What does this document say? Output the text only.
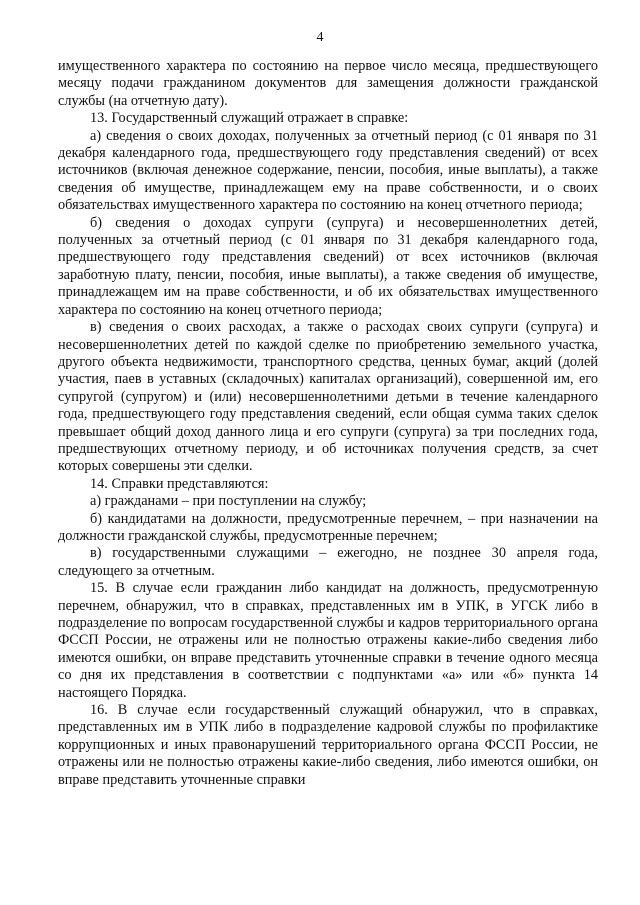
4

имущественного характера по состоянию на первое число месяца, предшествующего месяцу подачи гражданином документов для замещения должности гражданской службы (на отчетную дату).

13. Государственный служащий отражает в справке:

а) сведения о своих доходах, полученных за отчетный период (с 01 января по 31 декабря календарного года, предшествующего году представления сведений) от всех источников (включая денежное содержание, пенсии, пособия, иные выплаты), а также сведения об имуществе, принадлежащем ему на праве собственности, и о своих обязательствах имущественного характера по состоянию на конец отчетного периода;

б) сведения о доходах супруги (супруга) и несовершеннолетних детей, полученных за отчетный период (с 01 января по 31 декабря календарного года, предшествующего году представления сведений) от всех источников (включая заработную плату, пенсии, пособия, иные выплаты), а также сведения об имуществе, принадлежащем им на праве собственности, и об их обязательствах имущественного характера по состоянию на конец отчетного периода;

в) сведения о своих расходах, а также о расходах своих супруги (супруга) и несовершеннолетних детей по каждой сделке по приобретению земельного участка, другого объекта недвижимости, транспортного средства, ценных бумаг, акций (долей участия, паев в уставных (складочных) капиталах организаций), совершенной им, его супругой (супругом) и (или) несовершеннолетними детьми в течение календарного года, предшествующего году представления сведений, если общая сумма таких сделок превышает общий доход данного лица и его супруги (супруга) за три последних года, предшествующих отчетному периоду, и об источниках получения средств, за счет которых совершены эти сделки.

14. Справки представляются:

а) гражданами – при поступлении на службу;

б) кандидатами на должности, предусмотренные перечнем, – при назначении на должности гражданской службы, предусмотренные перечнем;

в) государственными служащими – ежегодно, не позднее 30 апреля года, следующего за отчетным.

15. В случае если гражданин либо кандидат на должность, предусмотренную перечнем, обнаружил, что в справках, представленных им в УПК, в УГСК либо в подразделение по вопросам государственной службы и кадров территориального органа ФССП России, не отражены или не полностью отражены какие-либо сведения либо имеются ошибки, он вправе представить уточненные справки в течение одного месяца со дня их представления в соответствии с подпунктами «а» или «б» пункта 14 настоящего Порядка.

16. В случае если государственный служащий обнаружил, что в справках, представленных им в УПК либо в подразделение кадровой службы по профилактике коррупционных и иных правонарушений территориального органа ФССП России, не отражены или не полностью отражены какие-либо сведения, либо имеются ошибки, он вправе представить уточненные справки
